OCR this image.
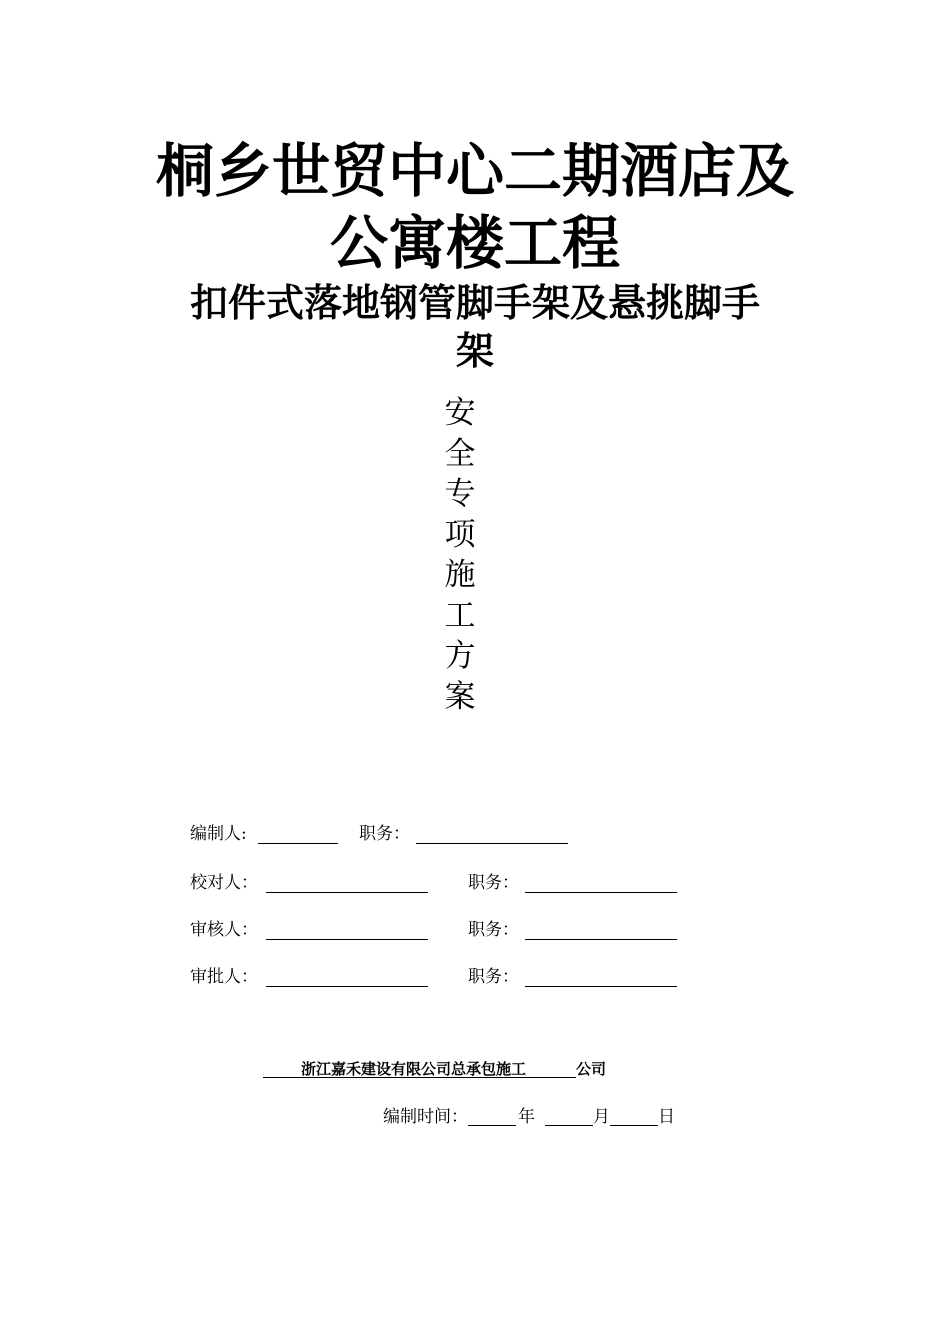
桐乡世贸中心二期酒店及
公寓楼工程
扣件式落地钢管脚手架及悬挑脚手
架
安
全
专
项
施
工
方
案
编制人:	职务：
校对人：	职务：
审核人：	职务：
审批人：	职务：
浙江嘉禾建设有限公司总承包施工	公司
编制时间：	年	月	日
